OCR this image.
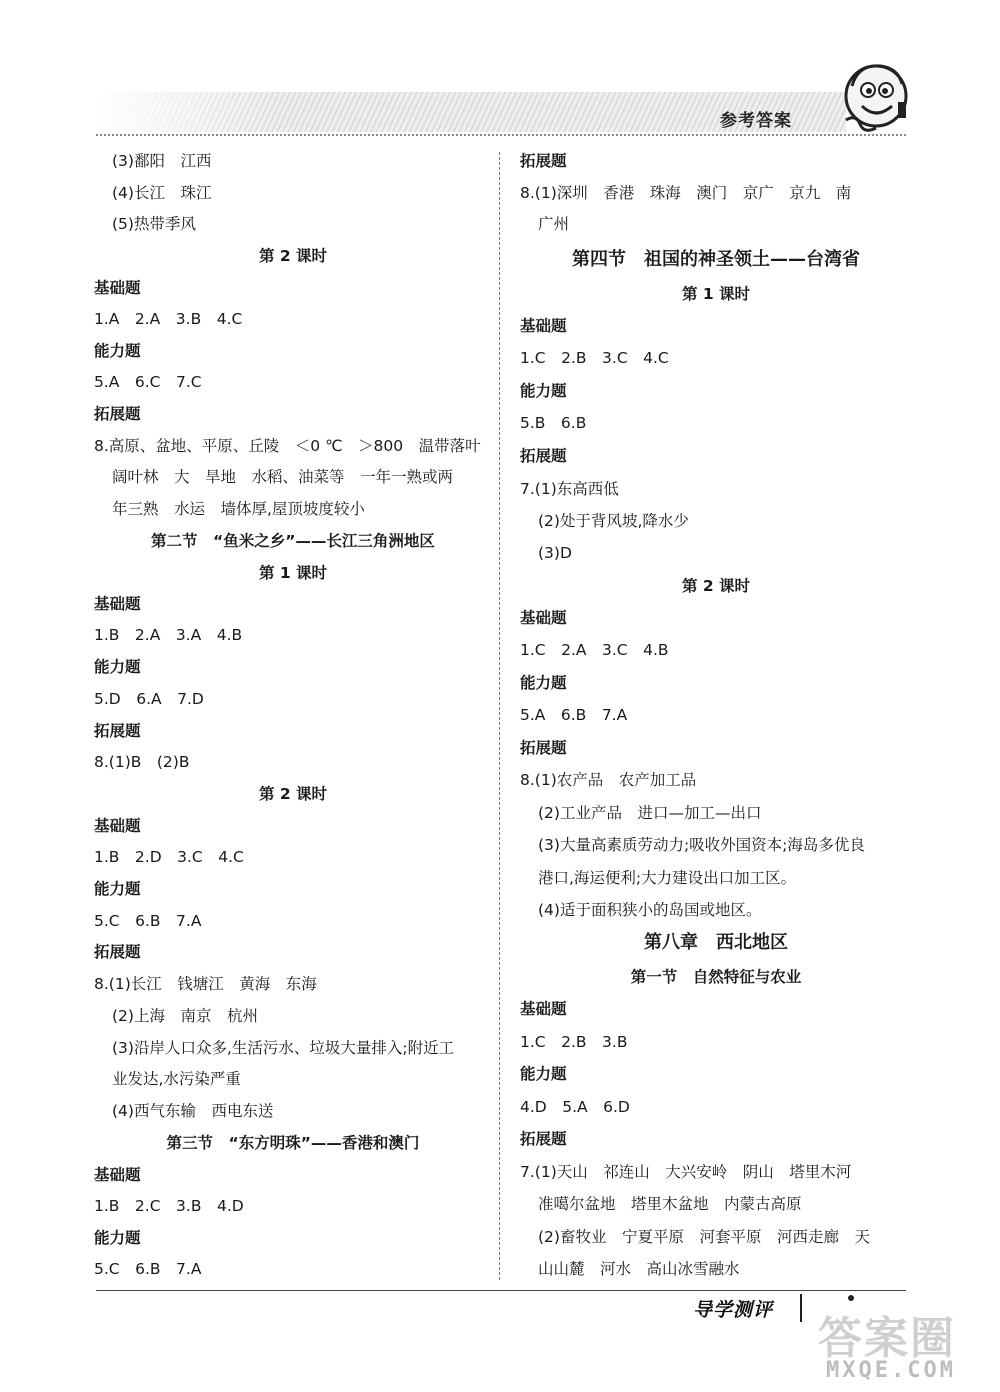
参考答案
(3)鄱阳　江西
(4)长江　珠江
(5)热带季风
第 2 课时
基础题
1.A　2.A　3.B　4.C
能力题
5.A　6.C　7.C
拓展题
8.高原、盆地、平原、丘陵　＜0 ℃　＞800　温带落叶
阔叶林　大　旱地　水稻、油菜等　一年一熟或两
年三熟　水运　墙体厚,屋顶坡度较小
第二节　“鱼米之乡”——长江三角洲地区
第 1 课时
基础题
1.B　2.A　3.A　4.B
能力题
5.D　6.A　7.D
拓展题
8.(1)B　(2)B
第 2 课时
基础题
1.B　2.D　3.C　4.C
能力题
5.C　6.B　7.A
拓展题
8.(1)长江　钱塘江　黄海　东海
(2)上海　南京　杭州
(3)沿岸人口众多,生活污水、垃圾大量排入;附近工
业发达,水污染严重
(4)西气东输　西电东送
第三节　“东方明珠”——香港和澳门
基础题
1.B　2.C　3.B　4.D
能力题
5.C　6.B　7.A
拓展题
8.(1)深圳　香港　珠海　澳门　京广　京九　南
广州
第四节　祖国的神圣领土——台湾省
第 1 课时
基础题
1.C　2.B　3.C　4.C
能力题
5.B　6.B
拓展题
7.(1)东高西低
(2)处于背风坡,降水少
(3)D
第 2 课时
基础题
1.C　2.A　3.C　4.B
能力题
5.A　6.B　7.A
拓展题
8.(1)农产品　农产加工品
(2)工业产品　进口—加工—出口
(3)大量高素质劳动力;吸收外国资本;海岛多优良
港口,海运便利;大力建设出口加工区。
(4)适于面积狭小的岛国或地区。
第八章　西北地区
第一节　自然特征与农业
基础题
1.C　2.B　3.B
能力题
4.D　5.A　6.D
拓展题
7.(1)天山　祁连山　大兴安岭　阴山　塔里木河
准噶尔盆地　塔里木盆地　内蒙古高原
(2)畜牧业　宁夏平原　河套平原　河西走廊　天
山山麓　河水　高山冰雪融水
导学测评
答案圈
MXQE.COM
